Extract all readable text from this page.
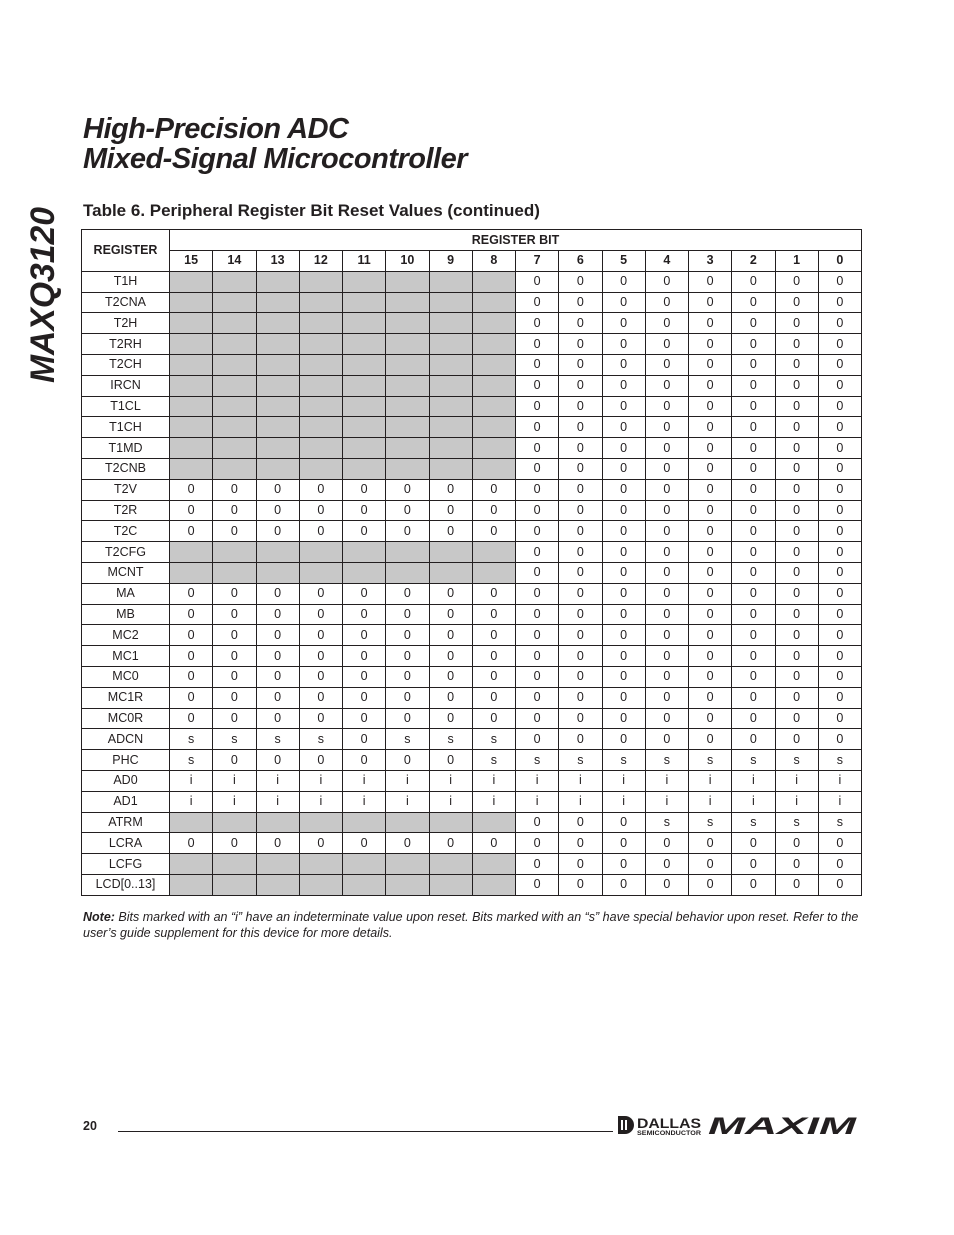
MAXQ3120
High-Precision ADC
Mixed-Signal Microcontroller
Table 6. Peripheral Register Bit Reset Values (continued)
REGISTER	REGISTER BIT															
	15	14	13	12	11	10	9	8	7	6	5	4	3	2	1	0
T1H									0	0	0	0	0	0	0	0
T2CNA									0	0	0	0	0	0	0	0
T2H									0	0	0	0	0	0	0	0
T2RH									0	0	0	0	0	0	0	0
T2CH									0	0	0	0	0	0	0	0
IRCN									0	0	0	0	0	0	0	0
T1CL									0	0	0	0	0	0	0	0
T1CH									0	0	0	0	0	0	0	0
T1MD									0	0	0	0	0	0	0	0
T2CNB									0	0	0	0	0	0	0	0
T2V	0	0	0	0	0	0	0	0	0	0	0	0	0	0	0	0
T2R	0	0	0	0	0	0	0	0	0	0	0	0	0	0	0	0
T2C	0	0	0	0	0	0	0	0	0	0	0	0	0	0	0	0
T2CFG									0	0	0	0	0	0	0	0
MCNT									0	0	0	0	0	0	0	0
MA	0	0	0	0	0	0	0	0	0	0	0	0	0	0	0	0
MB	0	0	0	0	0	0	0	0	0	0	0	0	0	0	0	0
MC2	0	0	0	0	0	0	0	0	0	0	0	0	0	0	0	0
MC1	0	0	0	0	0	0	0	0	0	0	0	0	0	0	0	0
MC0	0	0	0	0	0	0	0	0	0	0	0	0	0	0	0	0
MC1R	0	0	0	0	0	0	0	0	0	0	0	0	0	0	0	0
MC0R	0	0	0	0	0	0	0	0	0	0	0	0	0	0	0	0
ADCN	s	s	s	s	0	s	s	s	0	0	0	0	0	0	0	0
PHC	s	0	0	0	0	0	0	s	s	s	s	s	s	s	s	s
AD0	i	i	i	i	i	i	i	i	i	i	i	i	i	i	i	i
AD1	i	i	i	i	i	i	i	i	i	i	i	i	i	i	i	i
ATRM									0	0	0	s	s	s	s	s
LCRA	0	0	0	0	0	0	0	0	0	0	0	0	0	0	0	0
LCFG									0	0	0	0	0	0	0	0
LCD[0..13]									0	0	0	0	0	0	0	0
Note: Bits marked with an “i” have an indeterminate value upon reset. Bits marked with an “s” have special behavior upon reset. Refer to the user’s guide supplement for this device for more details.
20	DALLAS
SEMICONDUCTOR MAXIM
